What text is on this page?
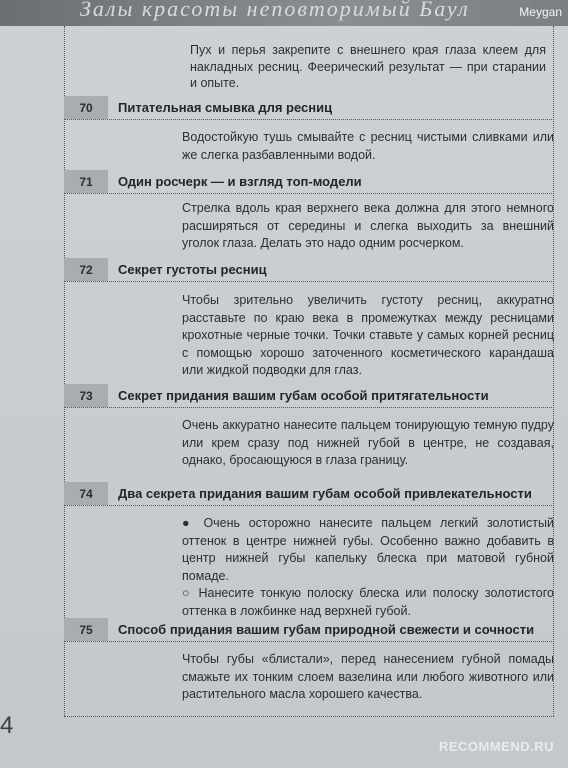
Залы красоты неповторимый Баул	Meygan
Пух и перья закрепите с внешнего края глаза клеем для накладных ресниц. Феерический результат — при старании и опыте.
70	Питательная смывка для ресниц

Водостойкую тушь смывайте с ресниц чистыми сливками или же слегка разбавленными водой.

71	Один росчерк — и взгляд топ-модели

Стрелка вдоль края верхнего века должна для этого немного расширяться от середины и слегка выходить за внешний уголок глаза. Делать это надо одним росчерком.

72	Секрет густоты ресниц

Чтобы зрительно увеличить густоту ресниц, аккуратно расставьте по краю века в промежутках между ресницами крохотные черные точки. Точки ставьте у самых корней ресниц с помощью хорошо заточенного косметического карандаша или жидкой подводки для глаз.

73	Секрет придания вашим губам особой притягательности

Очень аккуратно нанесите пальцем тонирующую темную пудру или крем сразу под нижней губой в центре, не создавая, однако, бросающуюся в глаза границу.

74	Два секрета придания вашим губам особой привлекательности

● Очень осторожно нанесите пальцем легкий золотистый оттенок в центре нижней губы. Особенно важно добавить в центр нижней губы капельку блеска при матовой губной помаде.

○ Нанесите тонкую полоску блеска или полоску золотистого оттенка в ложбинке над верхней губой.

75	Способ придания вашим губам природной свежести и сочности

Чтобы губы «блистали», перед нанесением губной помады смажьте их тонким слоем вазелина или любого животного или растительного масла хорошего качества.

4
RECOMMEND.RU
